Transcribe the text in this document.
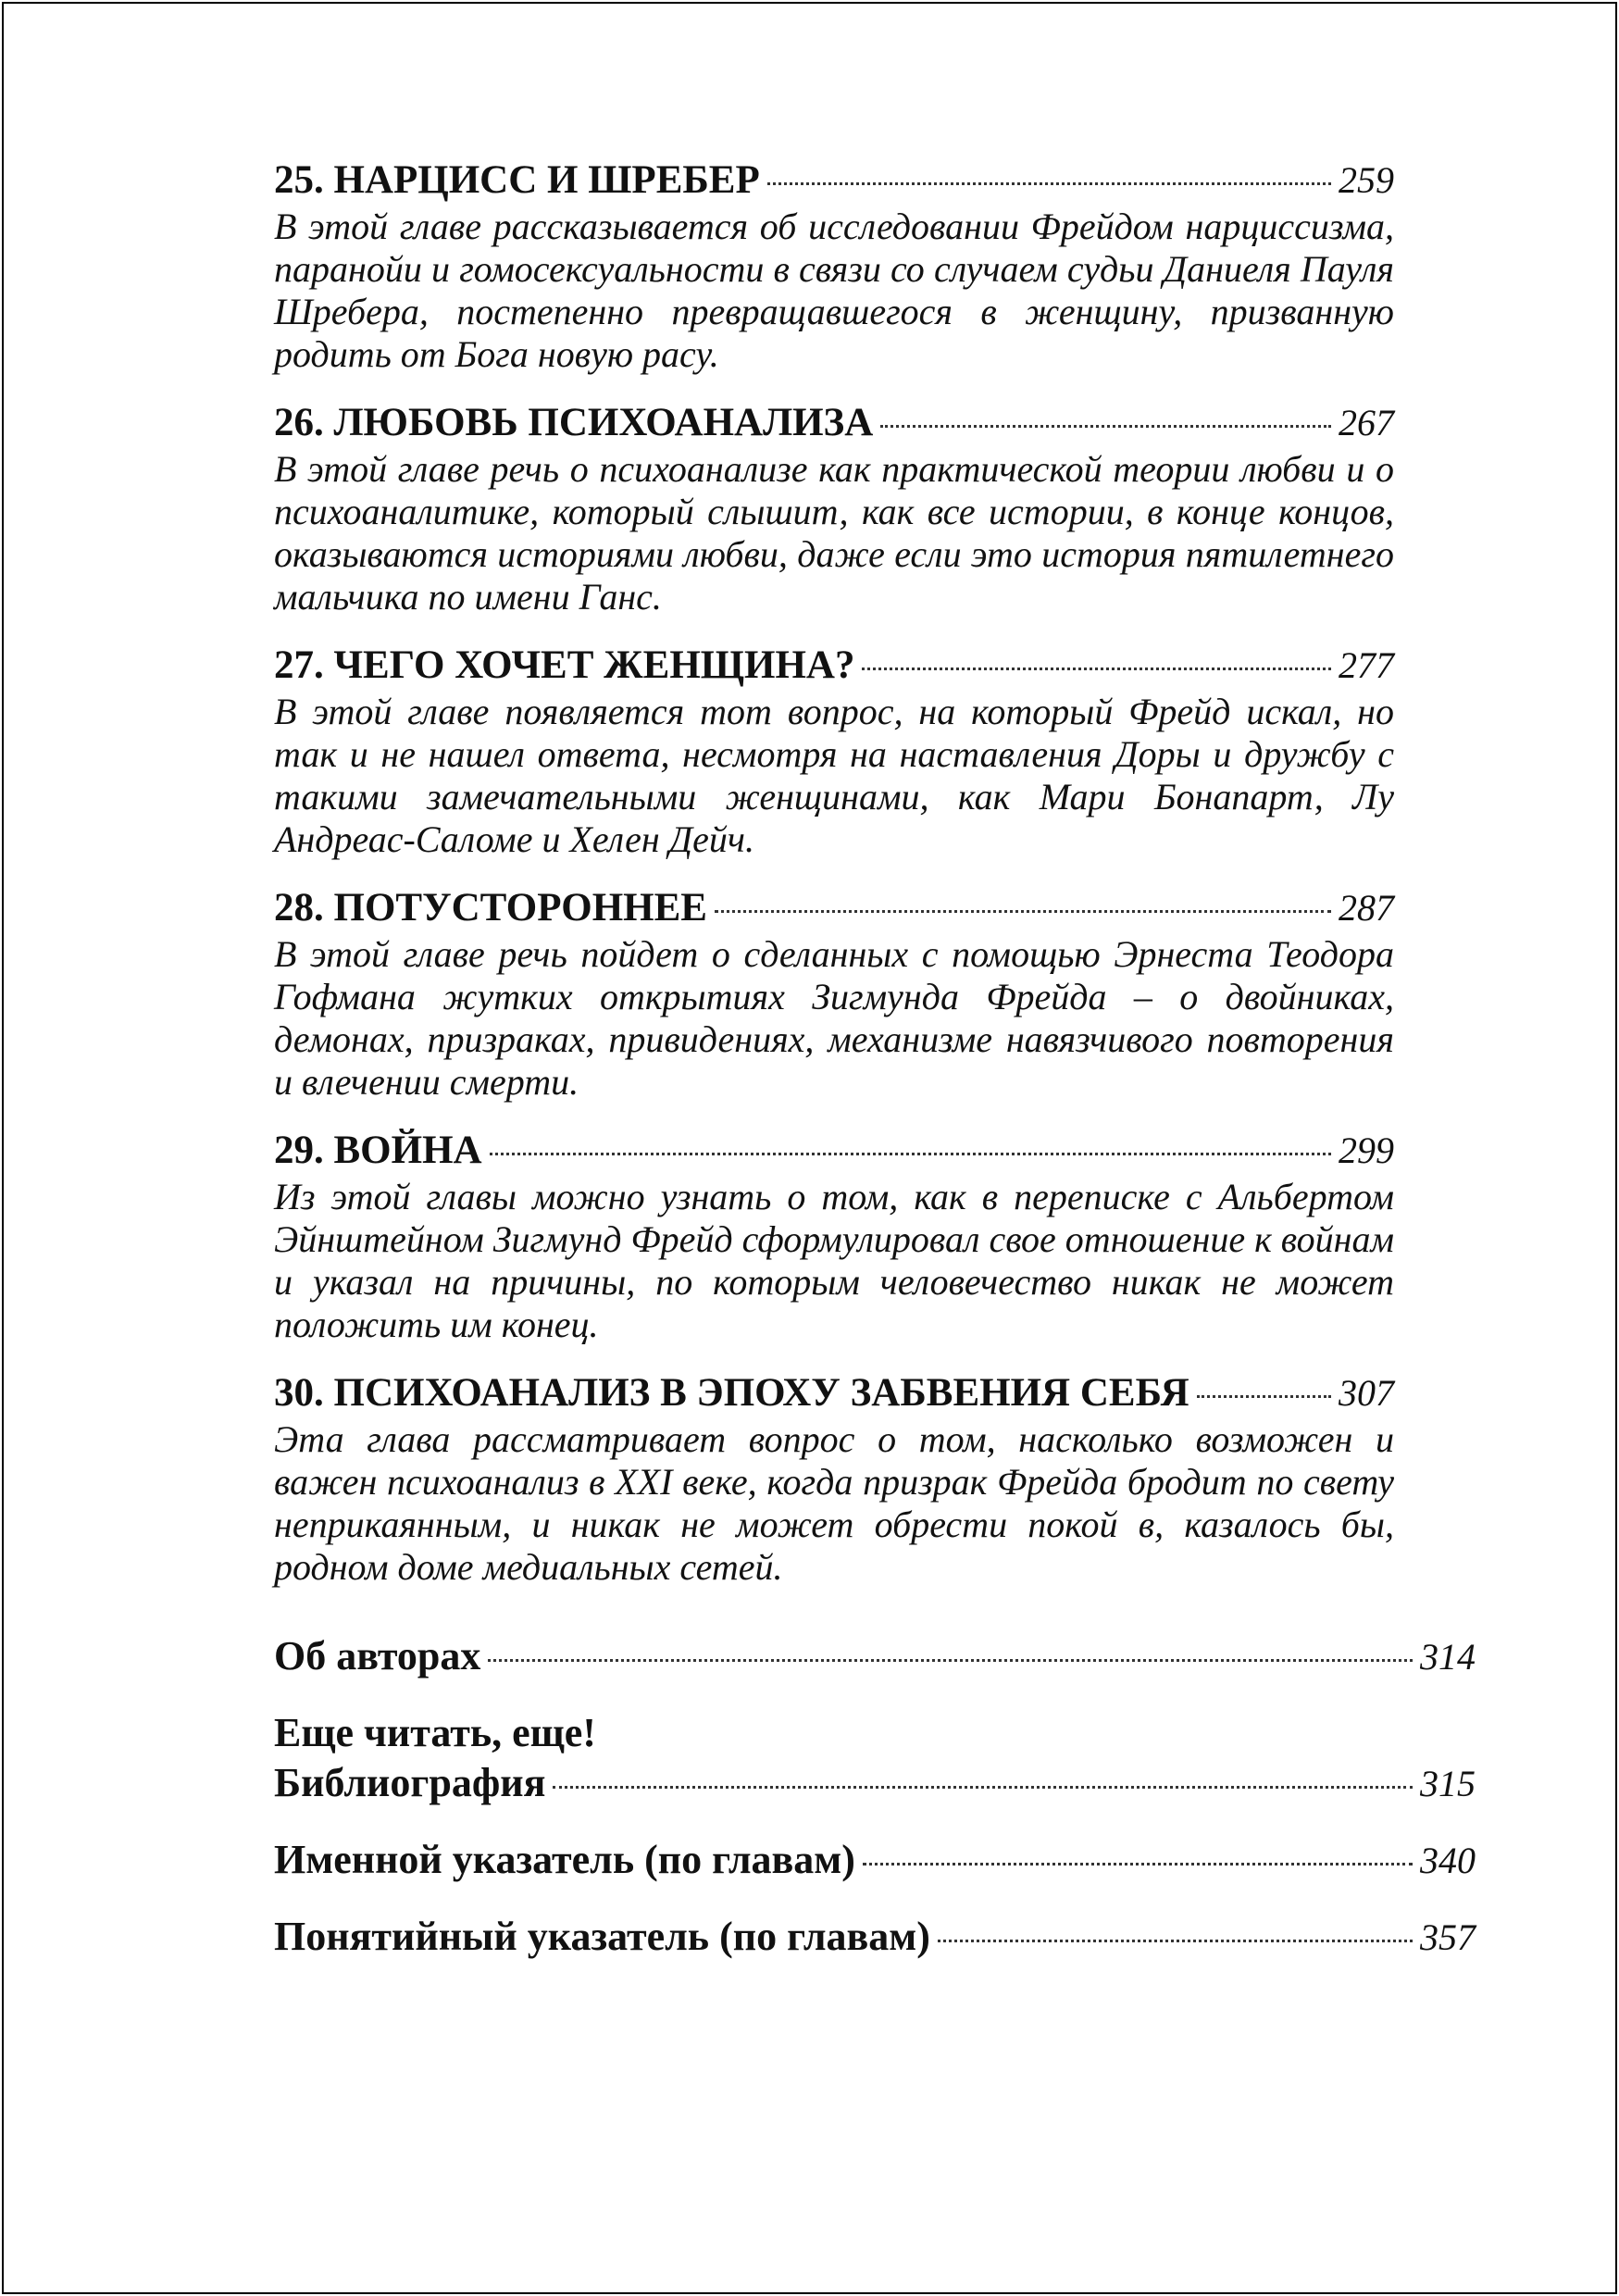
25. НАРЦИСС И ШРЕБЕР	259

В этой главе рассказывается об исследовании Фрейдом нарциссизма, паранойи и гомосексуальности в связи со случаем судьи Даниеля Пауля Шребера, постепенно превращавшегося в женщину, призванную родить от Бога новую расу.

26. ЛЮБОВЬ ПСИХОАНАЛИЗА	267

В этой главе речь о психоанализе как практической теории любви и о психоаналитике, который слышит, как все истории, в конце концов, оказываются историями любви, даже если это история пятилетнего мальчика по имени Ганс.

27. ЧЕГО ХОЧЕТ ЖЕНЩИНА?	277

В этой главе появляется тот вопрос, на который Фрейд искал, но так и не нашел ответа, несмотря на наставления Доры и дружбу с такими замечательными женщинами, как Мари Бонапарт, Лу Андреас-Саломе и Хелен Дейч.

28. ПОТУСТОРОННЕЕ	287

В этой главе речь пойдет о сделанных с помощью Эрнеста Теодора Гофмана жутких открытиях Зигмунда Фрейда – о двойниках, демонах, призраках, привидениях, механизме навязчивого повторения и влечении смерти.

29. ВОЙНА	299

Из этой главы можно узнать о том, как в переписке с Альбертом Эйнштейном Зигмунд Фрейд сформулировал свое отношение к войнам и указал на причины, по которым человечество никак не может положить им конец.

30. ПСИХОАНАЛИЗ В ЭПОХУ ЗАБВЕНИЯ СЕБЯ	307

Эта глава рассматривает вопрос о том, насколько возможен и важен психоанализ в XXI веке, когда призрак Фрейда бродит по свету неприкаянным, и никак не может обрести покой в, казалось бы, родном доме медиальных сетей.

Об авторах	314
Еще читать, еще!
Библиография	315
Именной указатель (по главам)	340
Понятийный указатель (по главам)	357
